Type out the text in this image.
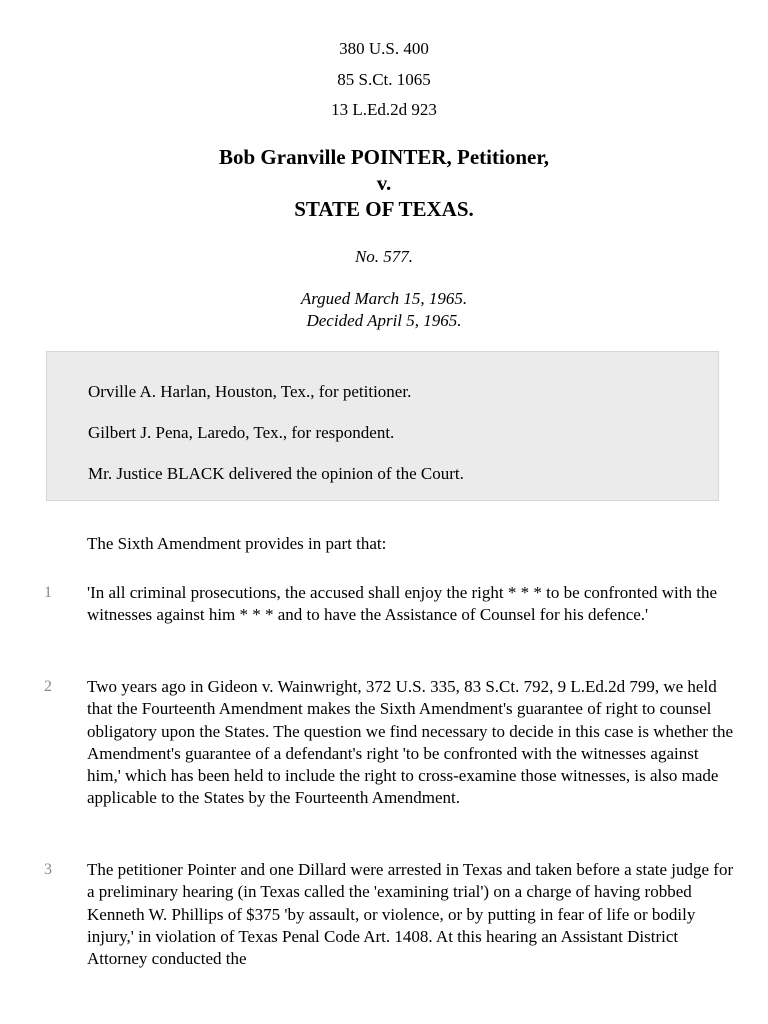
380 U.S. 400
85 S.Ct. 1065
13 L.Ed.2d 923
Bob Granville POINTER, Petitioner,
v.
STATE OF TEXAS.
No. 577.
Argued March 15, 1965.
Decided April 5, 1965.

Orville A. Harlan, Houston, Tex., for petitioner.

Gilbert J. Pena, Laredo, Tex., for respondent.

Mr. Justice BLACK delivered the opinion of the Court.

The Sixth Amendment provides in part that:

1	'In all criminal prosecutions, the accused shall enjoy the right * * * to be confronted with the witnesses against him * * * and to have the Assistance of Counsel for his defence.'

2	Two years ago in Gideon v. Wainwright, 372 U.S. 335, 83 S.Ct. 792, 9 L.Ed.2d 799, we held that the Fourteenth Amendment makes the Sixth Amendment's guarantee of right to counsel obligatory upon the States. The question we find necessary to decide in this case is whether the Amendment's guarantee of a defendant's right 'to be confronted with the witnesses against him,' which has been held to include the right to cross-examine those witnesses, is also made applicable to the States by the Fourteenth Amendment.

3	The petitioner Pointer and one Dillard were arrested in Texas and taken before a state judge for a preliminary hearing (in Texas called the 'examining trial') on a charge of having robbed Kenneth W. Phillips of $375 'by assault, or violence, or by putting in fear of life or bodily injury,' in violation of Texas Penal Code Art. 1408. At this hearing an Assistant District Attorney conducted the
